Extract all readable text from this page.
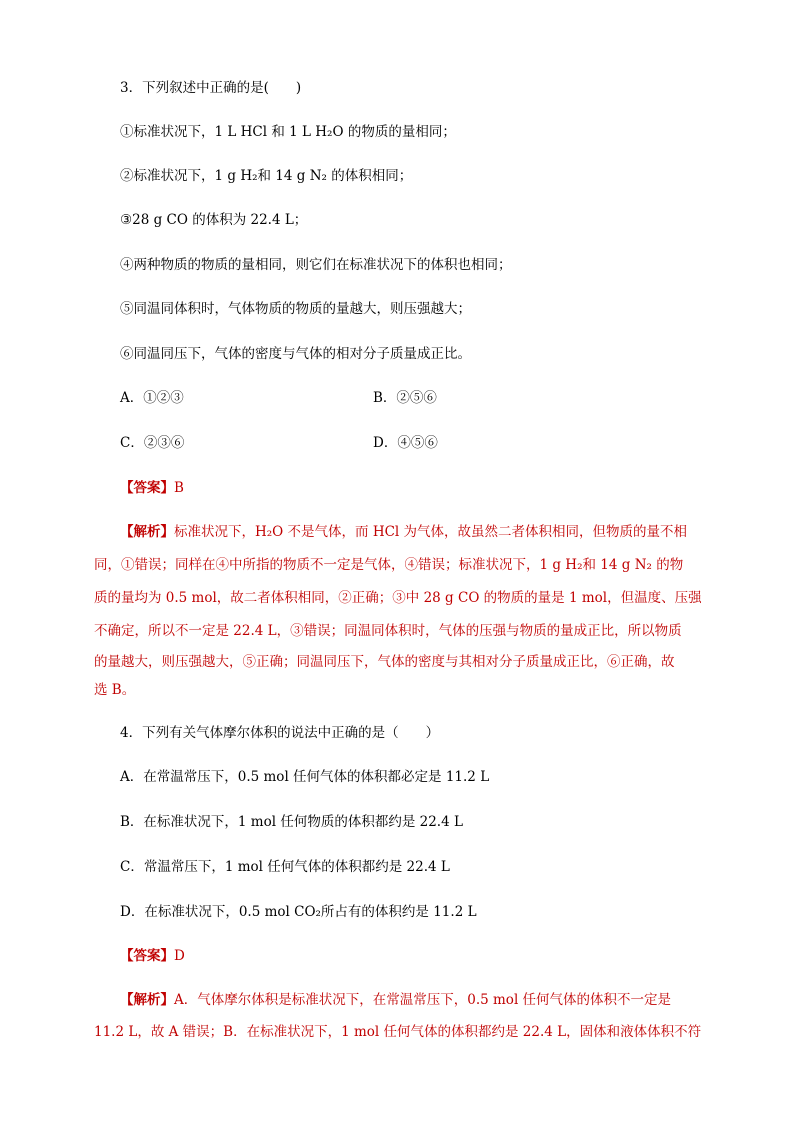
3．下列叙述中正确的是(　　)
①标准状况下，1 L HCl 和 1 L H₂O 的物质的量相同；
②标准状况下，1 g H₂和 14 g N₂ 的体积相同；
③28 g CO 的体积为 22.4 L；
④两种物质的物质的量相同，则它们在标准状况下的体积也相同；
⑤同温同体积时，气体物质的物质的量越大，则压强越大；
⑥同温同压下，气体的密度与气体的相对分子质量成正比。
A．①②③	B．②⑤⑥
C．②③⑥	D．④⑤⑥
【答案】B
【解析】标准状况下，H₂O 不是气体，而 HCl 为气体，故虽然二者体积相同，但物质的量不相
同，①错误；同样在④中所指的物质不一定是气体，④错误；标准状况下，1 g H₂和 14 g N₂ 的物
质的量均为 0.5 mol，故二者体积相同，②正确；③中 28 g CO 的物质的量是 1 mol，但温度、压强
不确定，所以不一定是 22.4 L，③错误；同温同体积时，气体的压强与物质的量成正比，所以物质
的量越大，则压强越大，⑤正确；同温同压下，气体的密度与其相对分子质量成正比，⑥正确，故
选 B。
4．下列有关气体摩尔体积的说法中正确的是（　　）
A．在常温常压下，0.5 mol 任何气体的体积都必定是 11.2 L
B．在标准状况下，1 mol 任何物质的体积都约是 22.4 L
C．常温常压下，1 mol 任何气体的体积都约是 22.4 L
D．在标准状况下，0.5 mol CO₂所占有的体积约是 11.2 L
【答案】D
【解析】A．气体摩尔体积是标准状况下，在常温常压下，0.5 mol 任何气体的体积不一定是
11.2 L，故 A 错误；B．在标准状况下，1 mol 任何气体的体积都约是 22.4 L，固体和液体体积不符
